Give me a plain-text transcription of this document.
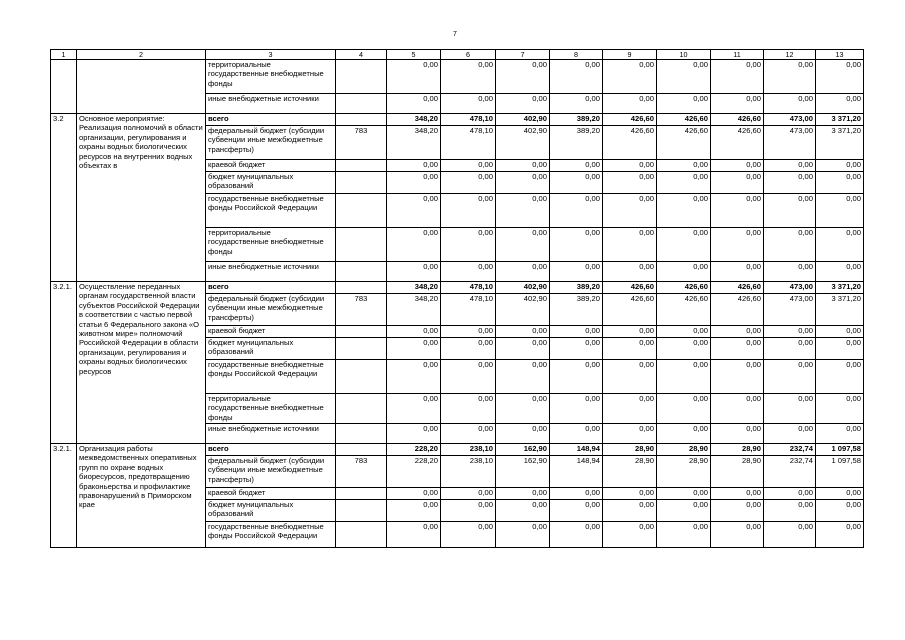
7
1	2	3	4	5	6	7	8	9	10	11	12	13
		территориальные государственные внебюджетные фонды		0,00	0,00	0,00	0,00	0,00	0,00	0,00	0,00	0,00
		иные внебюджетные источники		0,00	0,00	0,00	0,00	0,00	0,00	0,00	0,00	0,00
3.2	Основное мероприятие: Реализация полномочий в области организации, регулирования и охраны водных биологических ресурсов на внутренних водных объектах в	всего		348,20	478,10	402,90	389,20	426,60	426,60	426,60	473,00	3 371,20
		федеральный бюджет (субсидии субвенции иные межбюджетные трансферты)	783	348,20	478,10	402,90	389,20	426,60	426,60	426,60	473,00	3 371,20
		краевой бюджет		0,00	0,00	0,00	0,00	0,00	0,00	0,00	0,00	0,00
		бюджет муниципальных образований		0,00	0,00	0,00	0,00	0,00	0,00	0,00	0,00	0,00
		государственные внебюджетные фонды Российской Федерации		0,00	0,00	0,00	0,00	0,00	0,00	0,00	0,00	0,00
		территориальные государственные внебюджетные фонды		0,00	0,00	0,00	0,00	0,00	0,00	0,00	0,00	0,00
		иные внебюджетные источники		0,00	0,00	0,00	0,00	0,00	0,00	0,00	0,00	0,00
3.2.1.	Осуществление переданных органам государственной власти субъектов Российской Федерации в соответствии с частью первой статьи 6 Федерального закона «О животном мире» полномочий Российской Федерации в области организации, регулирования и охраны водных биологических ресурсов	всего		348,20	478,10	402,90	389,20	426,60	426,60	426,60	473,00	3 371,20
		федеральный бюджет (субсидии субвенции иные межбюджетные трансферты)	783	348,20	478,10	402,90	389,20	426,60	426,60	426,60	473,00	3 371,20
		краевой бюджет		0,00	0,00	0,00	0,00	0,00	0,00	0,00	0,00	0,00
		бюджет муниципальных образований		0,00	0,00	0,00	0,00	0,00	0,00	0,00	0,00	0,00
		государственные внебюджетные фонды Российской Федерации		0,00	0,00	0,00	0,00	0,00	0,00	0,00	0,00	0,00
		территориальные государственные внебюджетные фонды		0,00	0,00	0,00	0,00	0,00	0,00	0,00	0,00	0,00
		иные внебюджетные источники		0,00	0,00	0,00	0,00	0,00	0,00	0,00	0,00	0,00
3.2.1.	Организация работы межведомственных оперативных групп по охране водных биоресурсов, предотвращению браконьерства и профилактике правонарушений в Приморском крае	всего		228,20	238,10	162,90	148,94	28,90	28,90	28,90	232,74	1 097,58
		федеральный бюджет (субсидии субвенции иные межбюджетные трансферты)	783	228,20	238,10	162,90	148,94	28,90	28,90	28,90	232,74	1 097,58
		краевой бюджет		0,00	0,00	0,00	0,00	0,00	0,00	0,00	0,00	0,00
		бюджет муниципальных образований		0,00	0,00	0,00	0,00	0,00	0,00	0,00	0,00	0,00
		государственные внебюджетные фонды Российской Федерации		0,00	0,00	0,00	0,00	0,00	0,00	0,00	0,00	0,00
